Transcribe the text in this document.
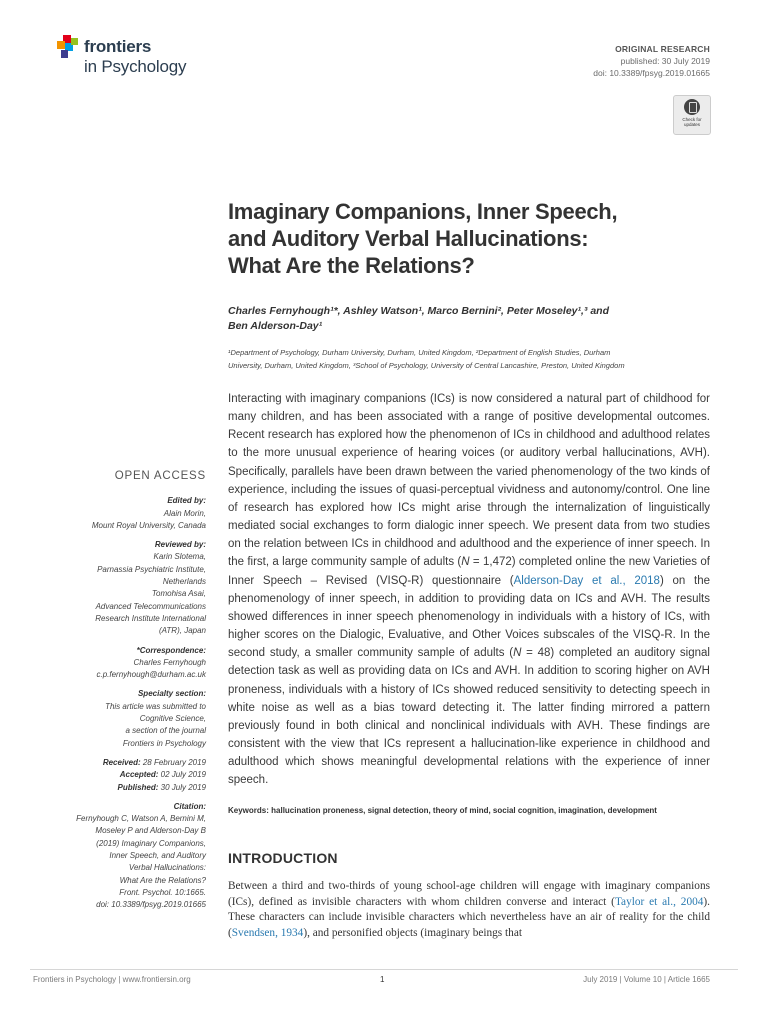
frontiers
in Psychology
ORIGINAL RESEARCH
published: 30 July 2019
doi: 10.3389/fpsyg.2019.01665
Check for
updates
Imaginary Companions, Inner Speech,
and Auditory Verbal Hallucinations:
What Are the Relations?
Charles Fernyhough¹*, Ashley Watson¹, Marco Bernini², Peter Moseley¹,³ and
Ben Alderson-Day¹
¹Department of Psychology, Durham University, Durham, United Kingdom, ²Department of English Studies, Durham
University, Durham, United Kingdom, ³School of Psychology, University of Central Lancashire, Preston, United Kingdom
Interacting with imaginary companions (ICs) is now considered a natural part of childhood for many children, and has been associated with a range of positive developmental outcomes. Recent research has explored how the phenomenon of ICs in childhood and adulthood relates to the more unusual experience of hearing voices (or auditory verbal hallucinations, AVH). Specifically, parallels have been drawn between the varied phenomenology of the two kinds of experience, including the issues of quasi-perceptual vividness and autonomy/control. One line of research has explored how ICs might arise through the internalization of linguistically mediated social exchanges to form dialogic inner speech. We present data from two studies on the relation between ICs in childhood and adulthood and the experience of inner speech. In the first, a large community sample of adults (N = 1,472) completed online the new Varieties of Inner Speech – Revised (VISQ-R) questionnaire (Alderson-Day et al., 2018) on the phenomenology of inner speech, in addition to providing data on ICs and AVH. The results showed differences in inner speech phenomenology in individuals with a history of ICs, with higher scores on the Dialogic, Evaluative, and Other Voices subscales of the VISQ-R. In the second study, a smaller community sample of adults (N = 48) completed an auditory signal detection task as well as providing data on ICs and AVH. In addition to scoring higher on AVH proneness, individuals with a history of ICs showed reduced sensitivity to detecting speech in white noise as well as a bias toward detecting it. The latter finding mirrored a pattern previously found in both clinical and nonclinical individuals with AVH. These findings are consistent with the view that ICs represent a hallucination-like experience in childhood and adulthood which shows meaningful developmental relations with the experience of inner speech.
Keywords: hallucination proneness, signal detection, theory of mind, social cognition, imagination, development
OPEN ACCESS
Edited by:
Alain Morin,
Mount Royal University, Canada
Reviewed by:
Karin Slotema,
Parnassia Psychiatric Institute,
Netherlands
Tomohisa Asai,
Advanced Telecommunications
Research Institute International
(ATR), Japan
*Correspondence:
Charles Fernyhough
c.p.fernyhough@durham.ac.uk
Specialty section:
This article was submitted to
Cognitive Science,
a section of the journal
Frontiers in Psychology
Received: 28 February 2019
Accepted: 02 July 2019
Published: 30 July 2019
Citation:
Fernyhough C, Watson A, Bernini M,
Moseley P and Alderson-Day B
(2019) Imaginary Companions,
Inner Speech, and Auditory
Verbal Hallucinations:
What Are the Relations?
Front. Psychol. 10:1665.
doi: 10.3389/fpsyg.2019.01665
INTRODUCTION
Between a third and two-thirds of young school-age children will engage with imaginary companions (ICs), defined as invisible characters with whom children converse and interact (Taylor et al., 2004). These characters can include invisible characters which nevertheless have an air of reality for the child (Svendsen, 1934), and personified objects (imaginary beings that
Frontiers in Psychology | www.frontiersin.org	1	July 2019 | Volume 10 | Article 1665
